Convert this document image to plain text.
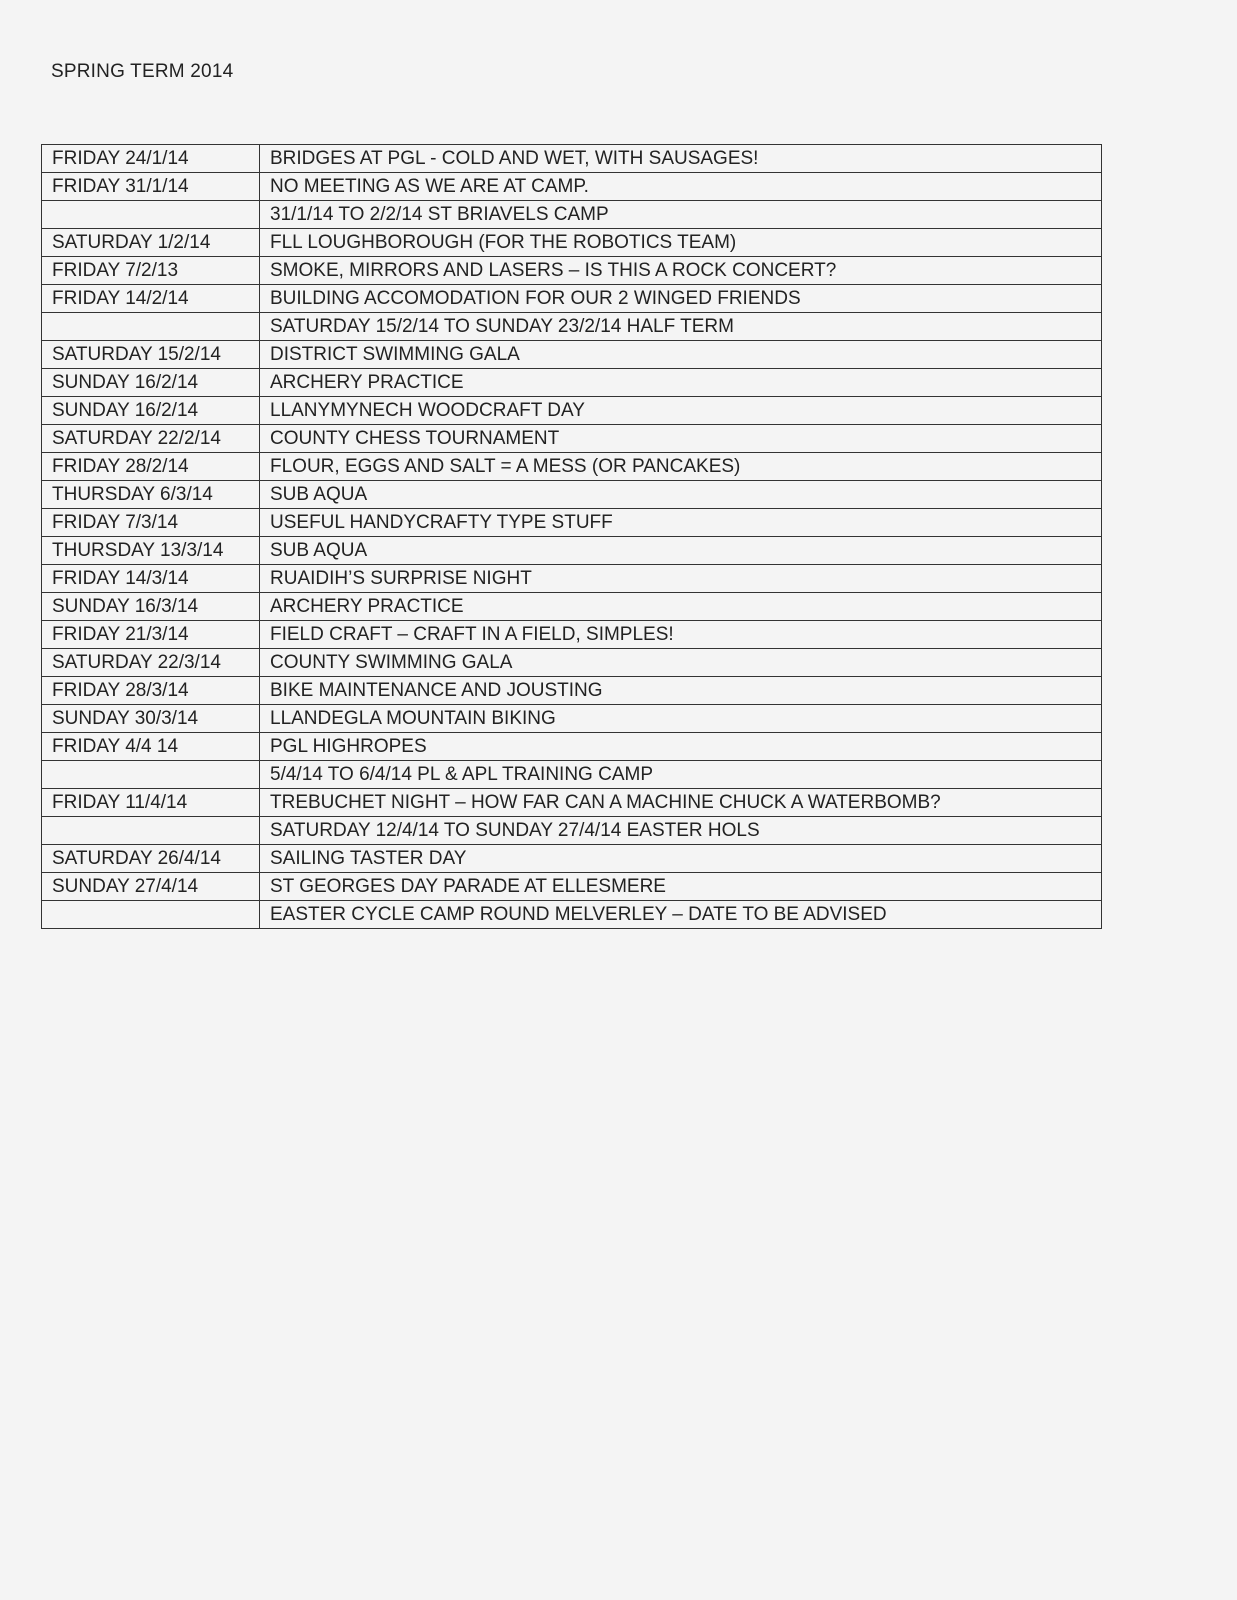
SPRING TERM 2014
FRIDAY 24/1/14	BRIDGES AT PGL - COLD AND WET, WITH SAUSAGES!
FRIDAY 31/1/14	NO MEETING AS WE ARE AT CAMP.
	31/1/14 TO 2/2/14 ST BRIAVELS CAMP
SATURDAY 1/2/14	FLL LOUGHBOROUGH (FOR THE ROBOTICS TEAM)
FRIDAY 7/2/13	SMOKE, MIRRORS AND LASERS – IS THIS A ROCK CONCERT?
FRIDAY 14/2/14	BUILDING ACCOMODATION FOR OUR 2 WINGED FRIENDS
	SATURDAY 15/2/14 TO SUNDAY 23/2/14 HALF TERM
SATURDAY 15/2/14	DISTRICT SWIMMING GALA
SUNDAY 16/2/14	ARCHERY PRACTICE
SUNDAY 16/2/14	LLANYMYNECH WOODCRAFT DAY
SATURDAY 22/2/14	COUNTY CHESS TOURNAMENT
FRIDAY 28/2/14	FLOUR, EGGS AND SALT = A MESS (OR PANCAKES)
THURSDAY 6/3/14	SUB AQUA
FRIDAY 7/3/14	USEFUL HANDYCRAFTY TYPE STUFF
THURSDAY 13/3/14	SUB AQUA
FRIDAY 14/3/14	RUAIDIH’S SURPRISE NIGHT
SUNDAY 16/3/14	ARCHERY PRACTICE
FRIDAY 21/3/14	FIELD CRAFT – CRAFT IN A FIELD, SIMPLES!
SATURDAY 22/3/14	COUNTY SWIMMING GALA
FRIDAY 28/3/14	BIKE MAINTENANCE AND JOUSTING
SUNDAY 30/3/14	LLANDEGLA MOUNTAIN BIKING
FRIDAY 4/4 14	PGL HIGHROPES
	5/4/14 TO 6/4/14 PL & APL TRAINING CAMP
FRIDAY 11/4/14	TREBUCHET NIGHT – HOW FAR CAN A MACHINE CHUCK A WATERBOMB?
	SATURDAY 12/4/14 TO SUNDAY 27/4/14 EASTER HOLS
SATURDAY 26/4/14	SAILING TASTER DAY
SUNDAY 27/4/14	ST GEORGES DAY PARADE AT ELLESMERE
	EASTER CYCLE CAMP ROUND MELVERLEY – DATE TO BE ADVISED
